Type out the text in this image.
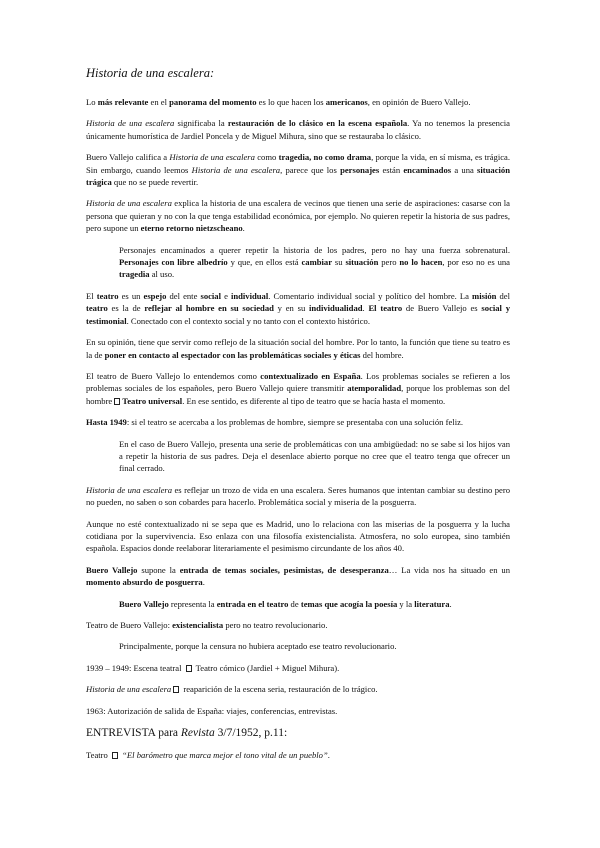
Historia de una escalera:

Lo más relevante en el panorama del momento es lo que hacen los americanos, en opinión de Buero Vallejo.

Historia de una escalera significaba la restauración de lo clásico en la escena española. Ya no tenemos la presencia únicamente humorística de Jardiel Poncela y de Miguel Mihura, sino que se restauraba lo clásico.

Buero Vallejo califica a Historia de una escalera como tragedia, no como drama, porque la vida, en sí misma, es trágica. Sin embargo, cuando leemos Historia de una escalera, parece que los personajes están encaminados a una situación trágica que no se puede revertir.

Historia de una escalera explica la historia de una escalera de vecinos que tienen una serie de aspiraciones: casarse con la persona que quieran y no con la que tenga estabilidad económica, por ejemplo. No quieren repetir la historia de sus padres, pero supone un eterno retorno nietzscheano.

Personajes encaminados a querer repetir la historia de los padres, pero no hay una fuerza sobrenatural. Personajes con libre albedrío y que, en ellos está cambiar su situación pero no lo hacen, por eso no es una tragedia al uso.

El teatro es un espejo del ente social e individual. Comentario individual social y político del hombre. La misión del teatro es la de reflejar al hombre en su sociedad y en su individualidad. El teatro de Buero Vallejo es social y testimonial. Conectado con el contexto social y no tanto con el contexto histórico.

En su opinión, tiene que servir como reflejo de la situación social del hombre. Por lo tanto, la función que tiene su teatro es la de poner en contacto al espectador con las problemáticas sociales y éticas del hombre.

El teatro de Buero Vallejo lo entendemos como contextualizado en España. Los problemas sociales se refieren a los problemas sociales de los españoles, pero Buero Vallejo quiere transmitir atemporalidad, porque los problemas son del hombre Teatro universal. En ese sentido, es diferente al tipo de teatro que se hacía hasta el momento.

Hasta 1949: si el teatro se acercaba a los problemas de hombre, siempre se presentaba con una solución feliz.

En el caso de Buero Vallejo, presenta una serie de problemáticas con una ambigüedad: no se sabe si los hijos van a repetir la historia de sus padres. Deja el desenlace abierto porque no cree que el teatro tenga que ofrecer un final cerrado.

Historia de una escalera es reflejar un trozo de vida en una escalera. Seres humanos que intentan cambiar su destino pero no pueden, no saben o son cobardes para hacerlo. Problemática social y miseria de la posguerra.

Aunque no esté contextualizado ni se sepa que es Madrid, uno lo relaciona con las miserias de la posguerra y la lucha cotidiana por la supervivencia. Eso enlaza con una filosofía existencialista. Atmosfera, no solo europea, sino también española. Espacios donde reelaborar literariamente el pesimismo circundante de los años 40.

Buero Vallejo supone la entrada de temas sociales, pesimistas, de desesperanza… La vida nos ha situado en un momento absurdo de posguerra.

Buero Vallejo representa la entrada en el teatro de temas que acogía la poesía y la literatura.

Teatro de Buero Vallejo: existencialista pero no teatro revolucionario.

Principalmente, porque la censura no hubiera aceptado ese teatro revolucionario.

1939 – 1949: Escena teatral  Teatro cómico (Jardiel + Miguel Mihura).

Historia de una escalera reaparición de la escena seria, restauración de lo trágico.

1963: Autorización de salida de España: viajes, conferencias, entrevistas.

ENTREVISTA para Revista 3/7/1952, p.11:

Teatro  “El barómetro que marca mejor el tono vital de un pueblo”.
